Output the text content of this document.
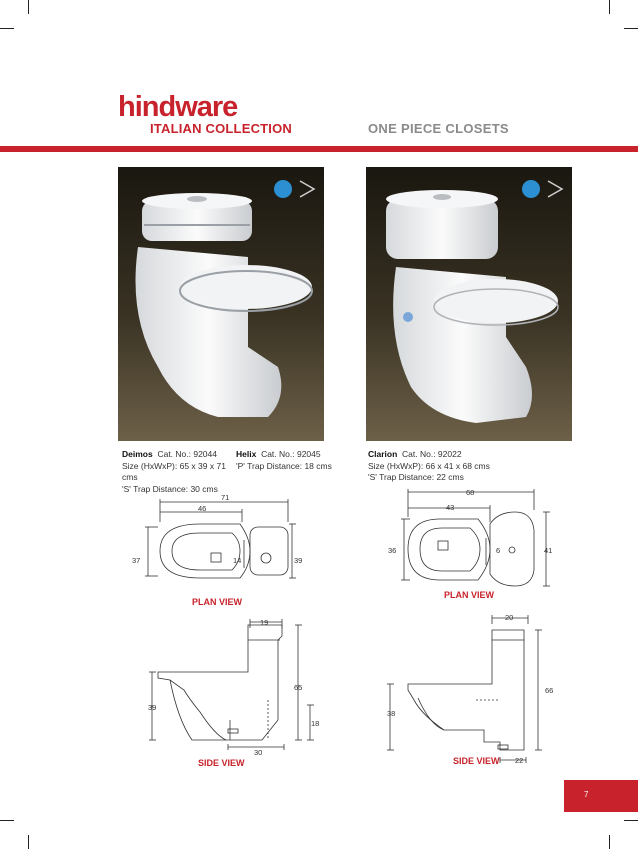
hindware
ITALIAN COLLECTION	ONE PIECE CLOSETS
Deimos Cat. No.: 92044
Size (HxWxP): 65 x 39 x 71 cms
'S' Trap Distance: 30 cms
Helix Cat. No.: 92045
'P' Trap Distance: 18 cms
Clarion Cat. No.: 92022
Size (HxWxP): 66 x 41 x 68 cms
'S' Trap Distance: 22 cms
71
46
37	14	39
19
65
39
18
30
68
43
36	6	41
20
66
38
22
PLAN VIEW
PLAN VIEW
SIDE VIEW	SIDE VIEW
7
